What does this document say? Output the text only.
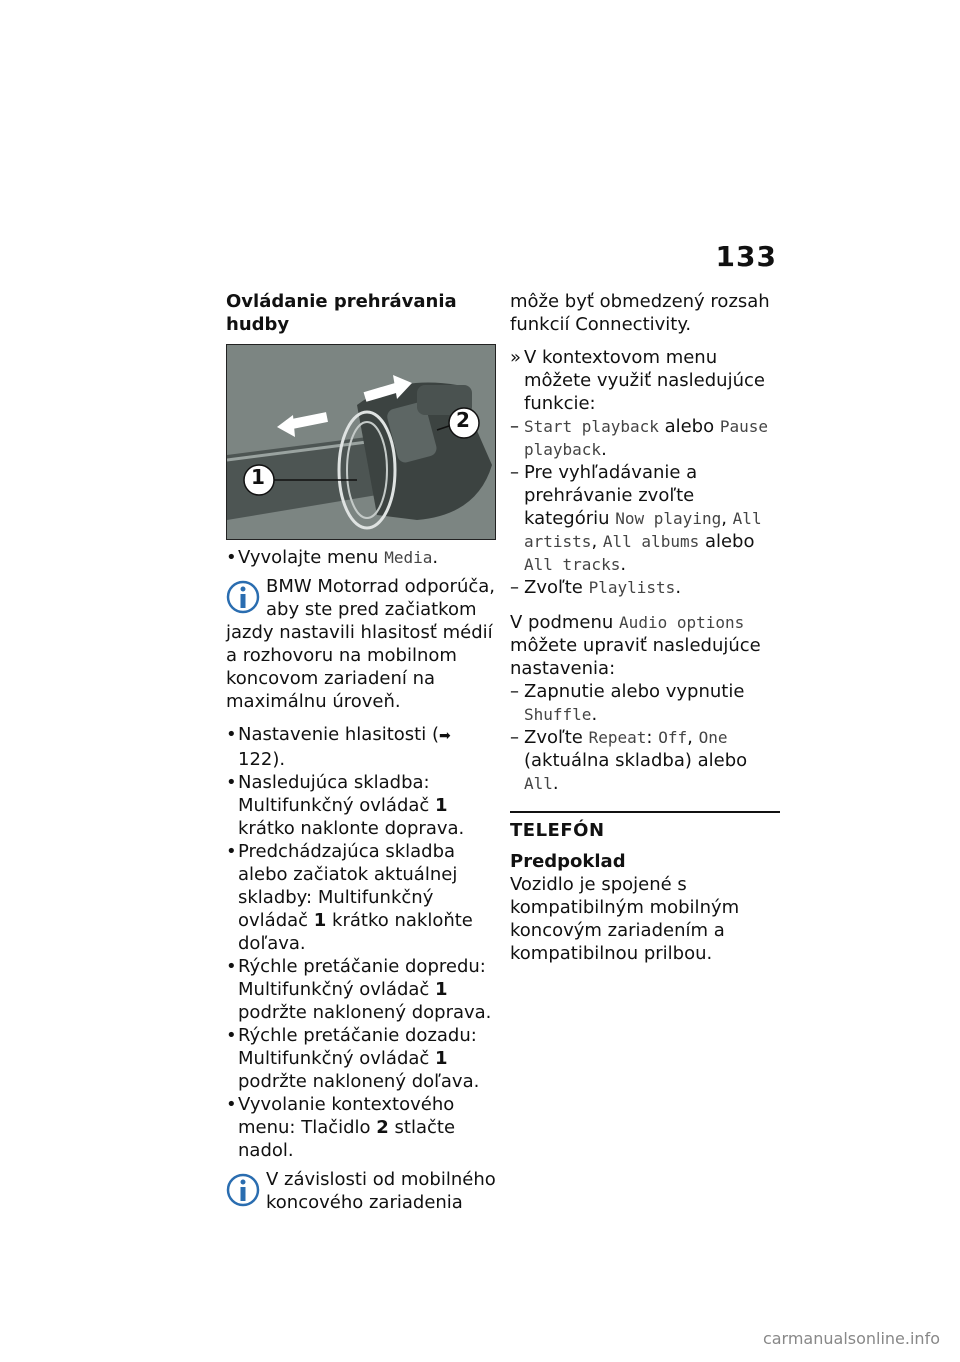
133
Ovládanie prehrávania hudby
1
2
• Vyvolajte menu Media.
BMW Motorrad odporúča, aby ste pred začiatkom jazdy nastavili hlasitosť médií a rozhovoru na mobilnom koncovom zariadení na maximálnu úroveň.
• Nastavenie hlasitosti (➡ 122).
• Nasledujúca skladba: Multifunkčný ovládač 1 krátko naklonte doprava.
• Predchádzajúca skladba alebo začiatok aktuálnej skladby: Multifunkčný ovládač 1 krátko nakloňte doľava.
• Rýchle pretáčanie dopredu: Multifunkčný ovládač 1 podržte naklonený doprava.
• Rýchle pretáčanie dozadu: Multifunkčný ovládač 1 podržte naklonený doľava.
• Vyvolanie kontextového menu: Tlačidlo 2 stlačte nadol.
V závislosti od mobilného koncového zariadenia

môže byť obmedzený rozsah funkcií Connectivity.

» V kontextovom menu môžete využiť nasledujúce funkcie:
– Start playback alebo Pause playback.
– Pre vyhľadávanie a prehrávanie zvoľte kategóriu Now playing, All artists, All albums alebo All tracks.
– Zvoľte Playlists.
V podmenu Audio options môžete upraviť nasledujúce nastavenia:
– Zapnutie alebo vypnutie Shuffle.
– Zvoľte Repeat: Off, One (aktuálna skladba) alebo All.
TELEFÓN
Predpoklad

Vozidlo je spojené s kompatibilným mobilným koncovým zariadením a kompatibilnou prilbou.

carmanualsonline.info
